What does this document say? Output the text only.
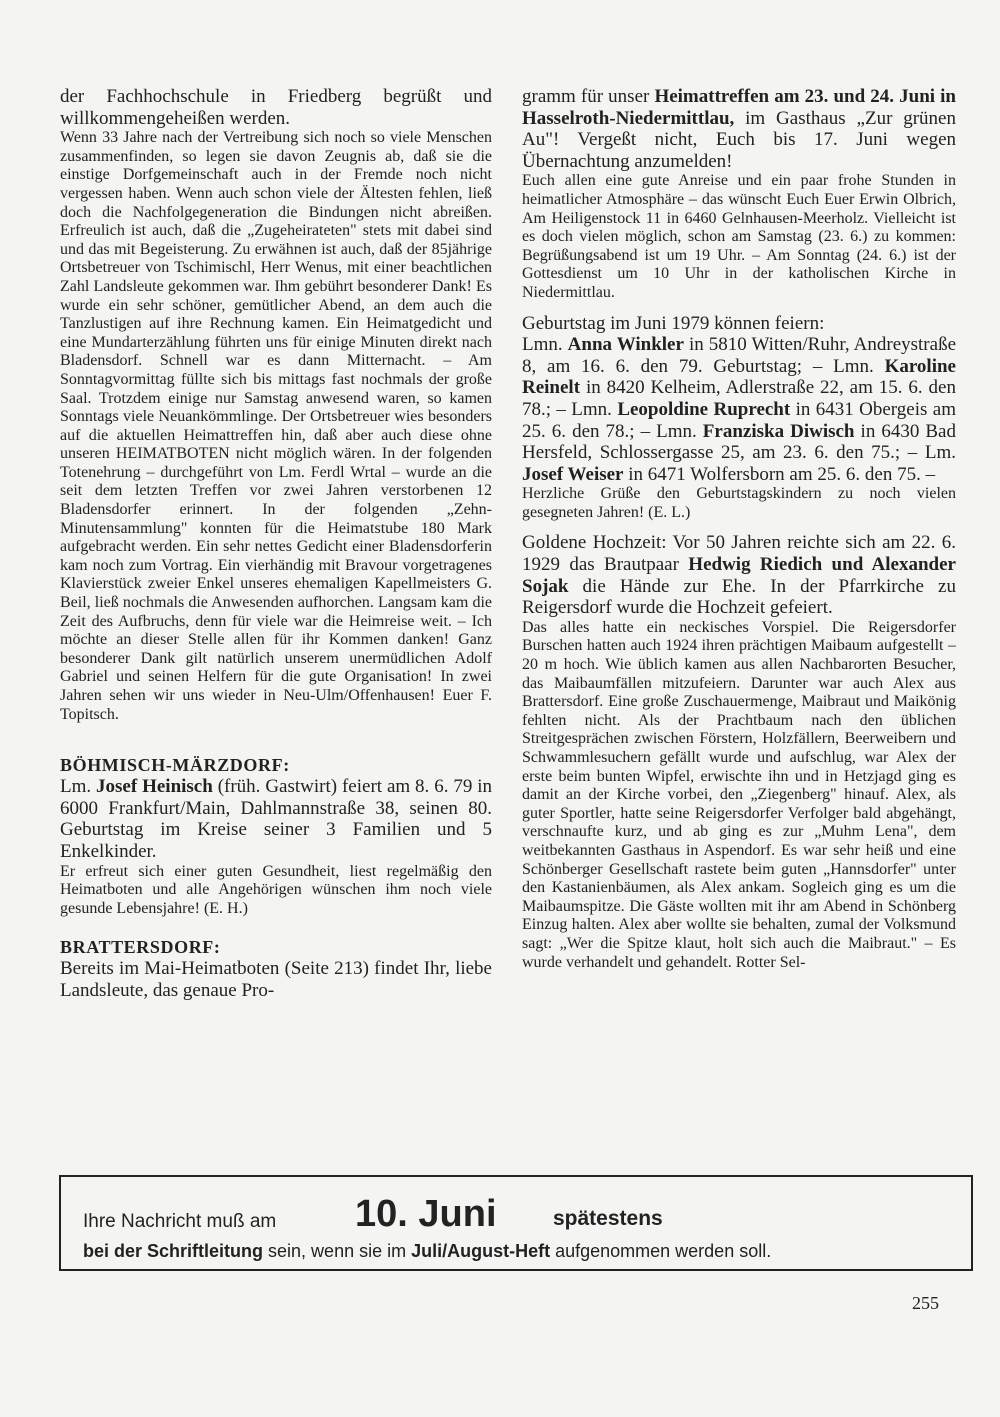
der Fachhochschule in Friedberg begrüßt und willkommengeheißen werden.

Wenn 33 Jahre nach der Vertreibung sich noch so viele Menschen zusammenfinden, so legen sie davon Zeugnis ab, daß sie die einstige Dorfgemeinschaft auch in der Fremde noch nicht vergessen haben. Wenn auch schon viele der Ältesten fehlen, ließ doch die Nachfolgegeneration die Bindungen nicht abreißen. Erfreulich ist auch, daß die „Zugeheirateten" stets mit dabei sind und das mit Begeisterung. Zu erwähnen ist auch, daß der 85jährige Ortsbetreuer von Tschimischl, Herr Wenus, mit einer beachtlichen Zahl Landsleute gekommen war. Ihm gebührt besonderer Dank! Es wurde ein sehr schöner, gemütlicher Abend, an dem auch die Tanzlustigen auf ihre Rechnung kamen. Ein Heimatgedicht und eine Mundarterzählung führten uns für einige Minuten direkt nach Bladensdorf. Schnell war es dann Mitternacht. – Am Sonntagvormittag füllte sich bis mittags fast nochmals der große Saal. Trotzdem einige nur Samstag anwesend waren, so kamen Sonntags viele Neuankömmlinge. Der Ortsbetreuer wies besonders auf die aktuellen Heimattreffen hin, daß aber auch diese ohne unseren HEIMATBOTEN nicht möglich wären. In der folgenden Totenehrung – durchgeführt von Lm. Ferdl Wrtal – wurde an die seit dem letzten Treffen vor zwei Jahren verstorbenen 12 Bladensdorfer erinnert. In der folgenden „Zehn-Minutensammlung" konnten für die Heimatstube 180 Mark aufgebracht werden. Ein sehr nettes Gedicht einer Bladensdorferin kam noch zum Vortrag. Ein vierhändig mit Bravour vorgetragenes Klavierstück zweier Enkel unseres ehemaligen Kapellmeisters G. Beil, ließ nochmals die Anwesenden aufhorchen. Langsam kam die Zeit des Aufbruchs, denn für viele war die Heimreise weit. – Ich möchte an dieser Stelle allen für ihr Kommen danken! Ganz besonderer Dank gilt natürlich unserem unermüdlichen Adolf Gabriel und seinen Helfern für die gute Organisation! In zwei Jahren sehen wir uns wieder in Neu-Ulm/Offenhausen! Euer F. Topitsch.

BÖHMISCH-MÄRZDORF:

Lm. Josef Heinisch (früh. Gastwirt) feiert am 8. 6. 79 in 6000 Frankfurt/Main, Dahlmannstraße 38, seinen 80. Geburtstag im Kreise seiner 3 Familien und 5 Enkelkinder.

Er erfreut sich einer guten Gesundheit, liest regelmäßig den Heimatboten und alle Angehörigen wünschen ihm noch viele gesunde Lebensjahre! (E. H.)

BRATTERSDORF:

Bereits im Mai-Heimatboten (Seite 213) findet Ihr, liebe Landsleute, das genaue Pro-

gramm für unser Heimattreffen am 23. und 24. Juni in Hasselroth-Niedermittlau, im Gasthaus „Zur grünen Au"! Vergeßt nicht, Euch bis 17. Juni wegen Übernachtung anzumelden!

Euch allen eine gute Anreise und ein paar frohe Stunden in heimatlicher Atmosphäre – das wünscht Euch Euer Erwin Olbrich, Am Heiligenstock 11 in 6460 Gelnhausen-Meerholz. Vielleicht ist es doch vielen möglich, schon am Samstag (23. 6.) zu kommen: Begrüßungsabend ist um 19 Uhr. – Am Sonntag (24. 6.) ist der Gottesdienst um 10 Uhr in der katholischen Kirche in Niedermittlau.

Geburtstag im Juni 1979 können feiern:

Lmn. Anna Winkler in 5810 Witten/Ruhr, Andreystraße 8, am 16. 6. den 79. Geburtstag; – Lmn. Karoline Reinelt in 8420 Kelheim, Adlerstraße 22, am 15. 6. den 78.; – Lmn. Leopoldine Ruprecht in 6431 Obergeis am 25. 6. den 78.; – Lmn. Franziska Diwisch in 6430 Bad Hersfeld, Schlossergasse 25, am 23. 6. den 75.; – Lm. Josef Weiser in 6471 Wolfersborn am 25. 6. den 75. –

Herzliche Grüße den Geburtstagskindern zu noch vielen gesegneten Jahren! (E. L.)

Goldene Hochzeit: Vor 50 Jahren reichte sich am 22. 6. 1929 das Brautpaar Hedwig Riedich und Alexander Sojak die Hände zur Ehe. In der Pfarrkirche zu Reigersdorf wurde die Hochzeit gefeiert.

Das alles hatte ein neckisches Vorspiel. Die Reigersdorfer Burschen hatten auch 1924 ihren prächtigen Maibaum aufgestellt – 20 m hoch. Wie üblich kamen aus allen Nachbarorten Besucher, das Maibaumfällen mitzufeiern. Darunter war auch Alex aus Brattersdorf. Eine große Zuschauermenge, Maibraut und Maikönig fehlten nicht. Als der Prachtbaum nach den üblichen Streitgesprächen zwischen Förstern, Holzfällern, Beerweibern und Schwammlesuchern gefällt wurde und aufschlug, war Alex der erste beim bunten Wipfel, erwischte ihn und in Hetzjagd ging es damit an der Kirche vorbei, den „Ziegenberg" hinauf. Alex, als guter Sportler, hatte seine Reigersdorfer Verfolger bald abgehängt, verschnaufte kurz, und ab ging es zur „Muhm Lena", dem weitbekannten Gasthaus in Aspendorf. Es war sehr heiß und eine Schönberger Gesellschaft rastete beim guten „Hannsdorfer" unter den Kastanienbäumen, als Alex ankam. Sogleich ging es um die Maibaumspitze. Die Gäste wollten mit ihr am Abend in Schönberg Einzug halten. Alex aber wollte sie behalten, zumal der Volksmund sagt: „Wer die Spitze klaut, holt sich auch die Maibraut." – Es wurde verhandelt und gehandelt. Rotter Sel-

Ihre Nachricht muß am 10. Juni	spätestens
bei der Schriftleitung sein, wenn sie im Juli/August-Heft aufgenommen werden soll.
255
